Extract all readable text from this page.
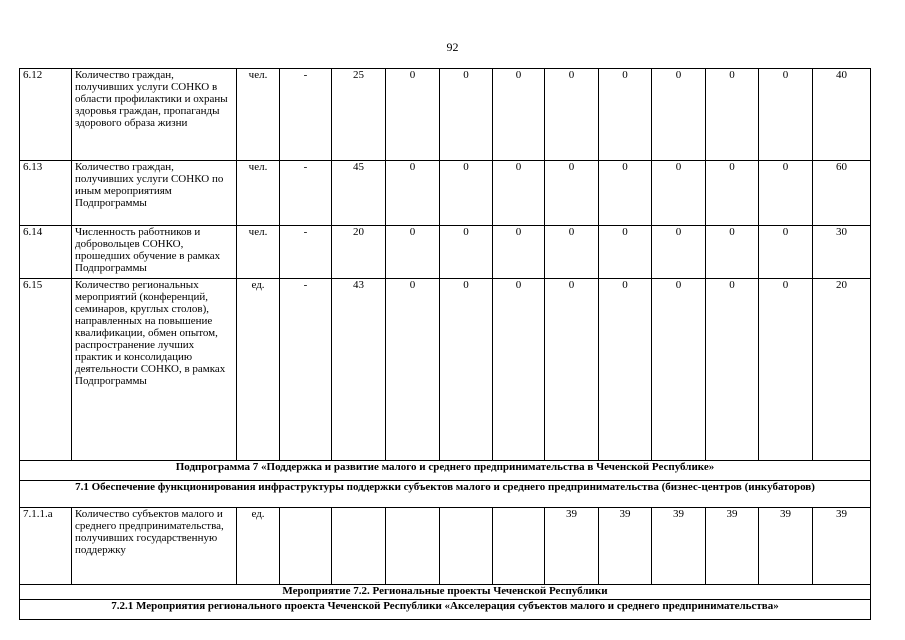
92
6.12	Количество граждан, получивших услуги СОНКО в области профилактики и охраны здоровья граждан, пропаганды здорового образа жизни	чел.	-	25	0	0	0	0	0	0	0	0	40
6.13	Количество граждан, получивших услуги СОНКО по иным мероприятиям Подпрограммы	чел.	-	45	0	0	0	0	0	0	0	0	60
6.14	Численность работников и добровольцев СОНКО, прошедших обучение в рамках Подпрограммы	чел.	-	20	0	0	0	0	0	0	0	0	30
6.15	Количество региональных мероприятий (конференций, семинаров, круглых столов), направленных на повышение квалификации, обмен опытом, распространение лучших практик и консолидацию деятельности СОНКО, в рамках Подпрограммы	ед.	-	43	0	0	0	0	0	0	0	0	20
Подпрограмма 7 «Поддержка и развитие малого и среднего предпринимательства в Чеченской Республике»													
7.1 Обеспечение функционирования инфраструктуры поддержки субъектов малого и среднего предпринимательства (бизнес-центров (инкубаторов)													
7.1.1.а	Количество субъектов малого и среднего предпринимательства, получивших государственную поддержку	ед.						39	39	39	39	39	39
Мероприятие 7.2. Региональные проекты Чеченской Республики													
7.2.1 Мероприятия регионального проекта Чеченской Республики «Акселерация субъектов малого и среднего предпринимательства»													
